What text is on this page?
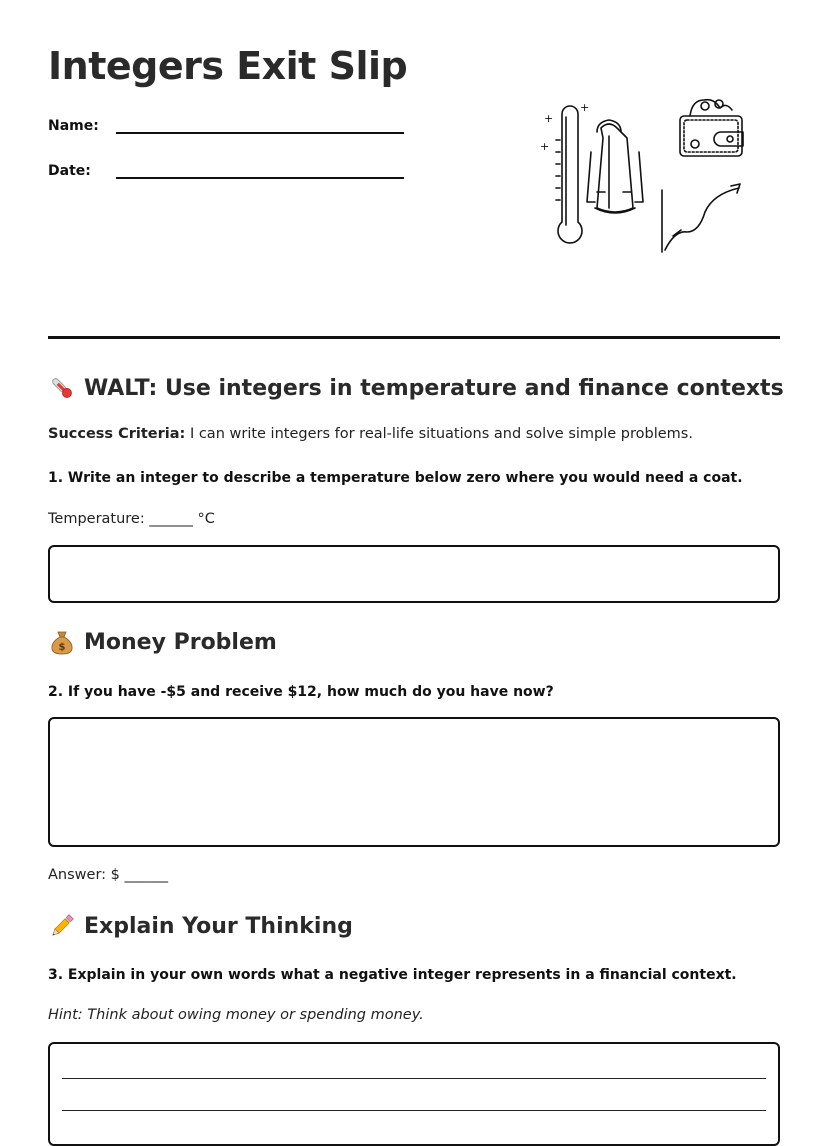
Integers Exit Slip
Name:
Date:
+
+
+
WALT: Use integers in temperature and finance contexts
Success Criteria: I can write integers for real-life situations and solve simple problems.
1. Write an integer to describe a temperature below zero where you would need a coat.
Temperature: ______ °C
$ Money Problem
2. If you have -$5 and receive $12, how much do you have now?
Answer: $ ______
Explain Your Thinking
3. Explain in your own words what a negative integer represents in a financial context.
Hint: Think about owing money or spending money.
